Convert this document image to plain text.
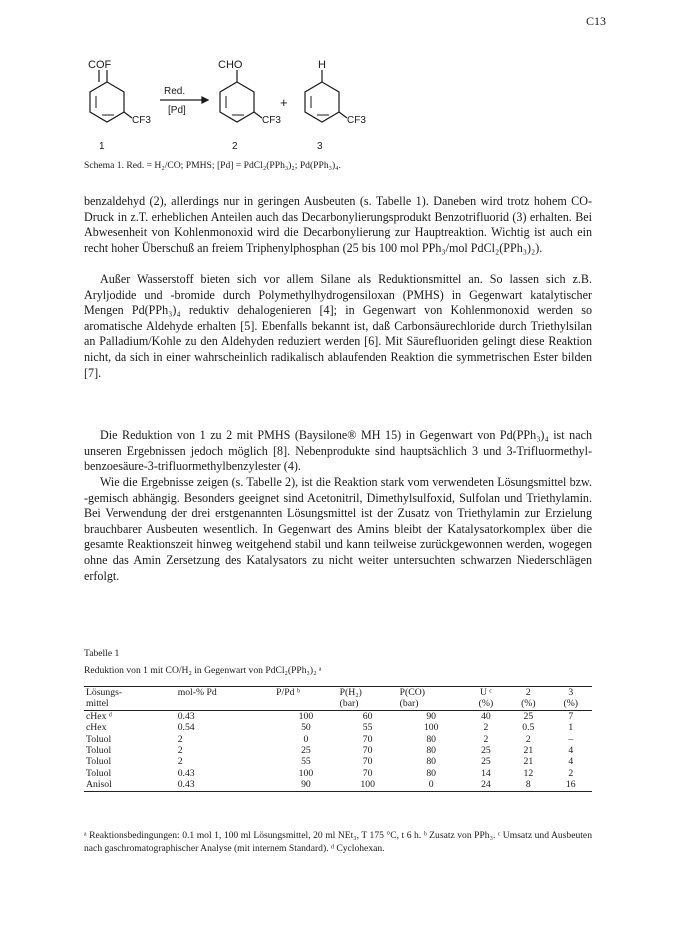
C13
COF
CF3
1
Red.
[Pd]
CHO
CF3
2
+
H
CF3
3
Schema 1. Red. = H₂/CO; PMHS; [Pd] = PdCl₂(PPh₃)₂; Pd(PPh₃)₄.

benzaldehyd (2), allerdings nur in geringen Ausbeuten (s. Tabelle 1). Daneben wird trotz hohem CO-Druck in z.T. erheblichen Anteilen auch das Decarbonylierungsprodukt Benzotrifluorid (3) erhalten. Bei Abwesenheit von Kohlenmonoxid wird die Decarbonylierung zur Hauptreaktion. Wichtig ist auch ein recht hoher Überschuß an freiem Triphenylphosphan (25 bis 100 mol PPh₃/mol PdCl₂(PPh₃)₂).

Außer Wasserstoff bieten sich vor allem Silane als Reduktionsmittel an. So lassen sich z.B. Aryljodide und -bromide durch Polymethylhydrogensiloxan (PMHS) in Gegenwart katalytischer Mengen Pd(PPh₃)₄ reduktiv dehalogenieren [4]; in Gegenwart von Kohlenmonoxid werden so aromatische Aldehyde erhalten [5]. Ebenfalls bekannt ist, daß Carbonsäurechloride durch Triethylsilan an Palladium/Kohle zu den Aldehyden reduziert werden [6]. Mit Säurefluoriden gelingt diese Reaktion nicht, da sich in einer wahrscheinlich radikalisch ablaufenden Reaktion die symmetrischen Ester bilden [7].

Die Reduktion von 1 zu 2 mit PMHS (Baysilone® MH 15) in Gegenwart von Pd(PPh₃)₄ ist nach unseren Ergebnissen jedoch möglich [8]. Nebenprodukte sind hauptsächlich 3 und 3-Trifluormethyl-benzoesäure-3-trifluormethylbenzylester (4).

Wie die Ergebnisse zeigen (s. Tabelle 2), ist die Reaktion stark vom verwendeten Lösungsmittel bzw. -gemisch abhängig. Besonders geeignet sind Acetonitril, Dimethylsulfoxid, Sulfolan und Triethylamin. Bei Verwendung der drei erstgenannten Lösungsmittel ist der Zusatz von Triethylamin zur Erzielung brauchbarer Ausbeuten wesentlich. In Gegenwart des Amins bleibt der Katalysatorkomplex über die gesamte Reaktionszeit hinweg weitgehend stabil und kann teilweise zurückgewonnen werden, wogegen ohne das Amin Zersetzung des Katalysators zu nicht weiter untersuchten schwarzen Niederschlägen erfolgt.

Tabelle 1
Reduktion von 1 mit CO/H₂ in Gegenwart von PdCl₂(PPh₃)₂ ᵃ
Lösungs-	mol-% Pd	P/Pd ᵇ	P(H₂)	P(CO)	U ᶜ	2	3
mittel			(bar)	(bar)	(%)	(%)	(%)
cHex ᵈ	0.43	100	60	90	40	25	7
cHex	0.54	50	55	100	2	0.5	1
Toluol	2	0	70	80	2	2	–
Toluol	2	25	70	80	25	21	4
Toluol	2	55	70	80	25	21	4
Toluol	0.43	100	70	80	14	12	2
Anisol	0.43	90	100	0	24	8	16

ᵃ Reaktionsbedingungen: 0.1 mol 1, 100 ml Lösungsmittel, 20 ml NEt₃, T 175 °C, t 6 h. ᵇ Zusatz von PPh₃. ᶜ Umsatz und Ausbeuten nach gaschromatographischer Analyse (mit internem Standard). ᵈ Cyclohexan.
